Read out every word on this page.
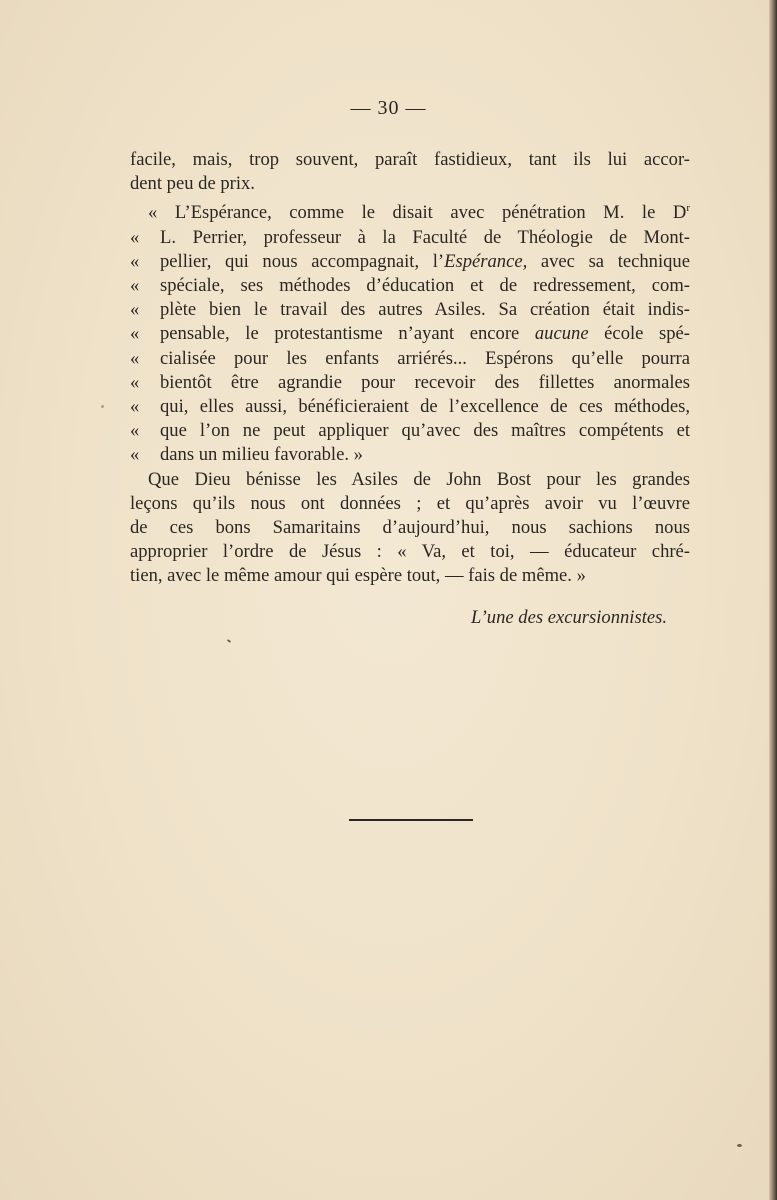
— 30 —
facile, mais, trop souvent, paraît fastidieux, tant ils lui accor-
dent peu de prix.
« L’Espérance, comme le disait avec pénétration M. le $D^r$
« L. Perrier, professeur à la Faculté de Théologie de Mont-
« pellier, qui nous accompagnait, l’Espérance, avec sa technique
« spéciale, ses méthodes d’éducation et de redressement, com-
« plète bien le travail des autres Asiles. Sa création était indis-
« pensable, le protestantisme n’ayant encore aucune école spé-
« cialisée pour les enfants arriérés... Espérons qu’elle pourra
« bientôt être agrandie pour recevoir des fillettes anormales
« qui, elles aussi, bénéficieraient de l’excellence de ces méthodes,
« que l’on ne peut appliquer qu’avec des maîtres compétents et
« dans un milieu favorable. »
Que Dieu bénisse les Asiles de John Bost pour les grandes
leçons qu’ils nous ont données ; et qu’après avoir vu l’œuvre
de ces bons Samaritains d’aujourd’hui, nous sachions nous
approprier l’ordre de Jésus : « Va, et toi, — éducateur chré-
tien, avec le même amour qui espère tout, — fais de même. »
L’une des excursionnistes.
